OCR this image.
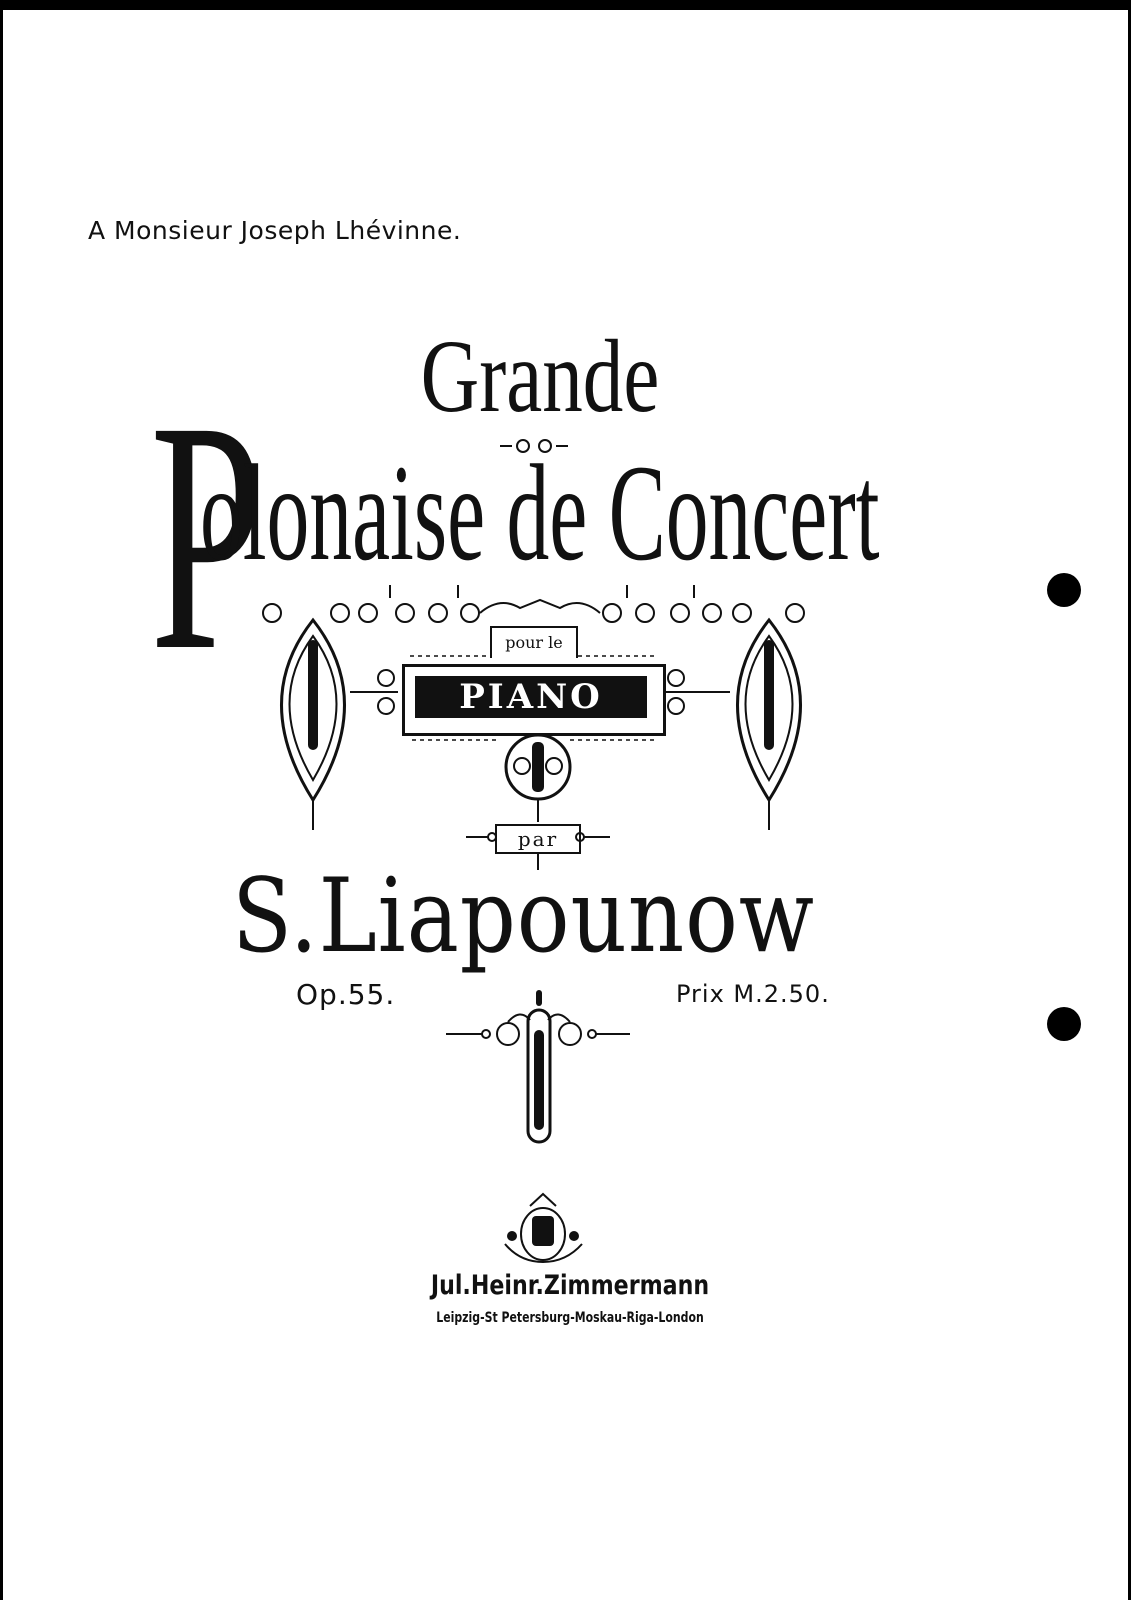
A Monsieur Joseph Lhévinne.
Grande
P
olonaise de Concert
pour le
PIANO
par
S.Liapounow
Op.55.	Prix M.2.50.
Jul.Heinr.Zimmermann
Leipzig-St Petersburg-Moskau-Riga-London
